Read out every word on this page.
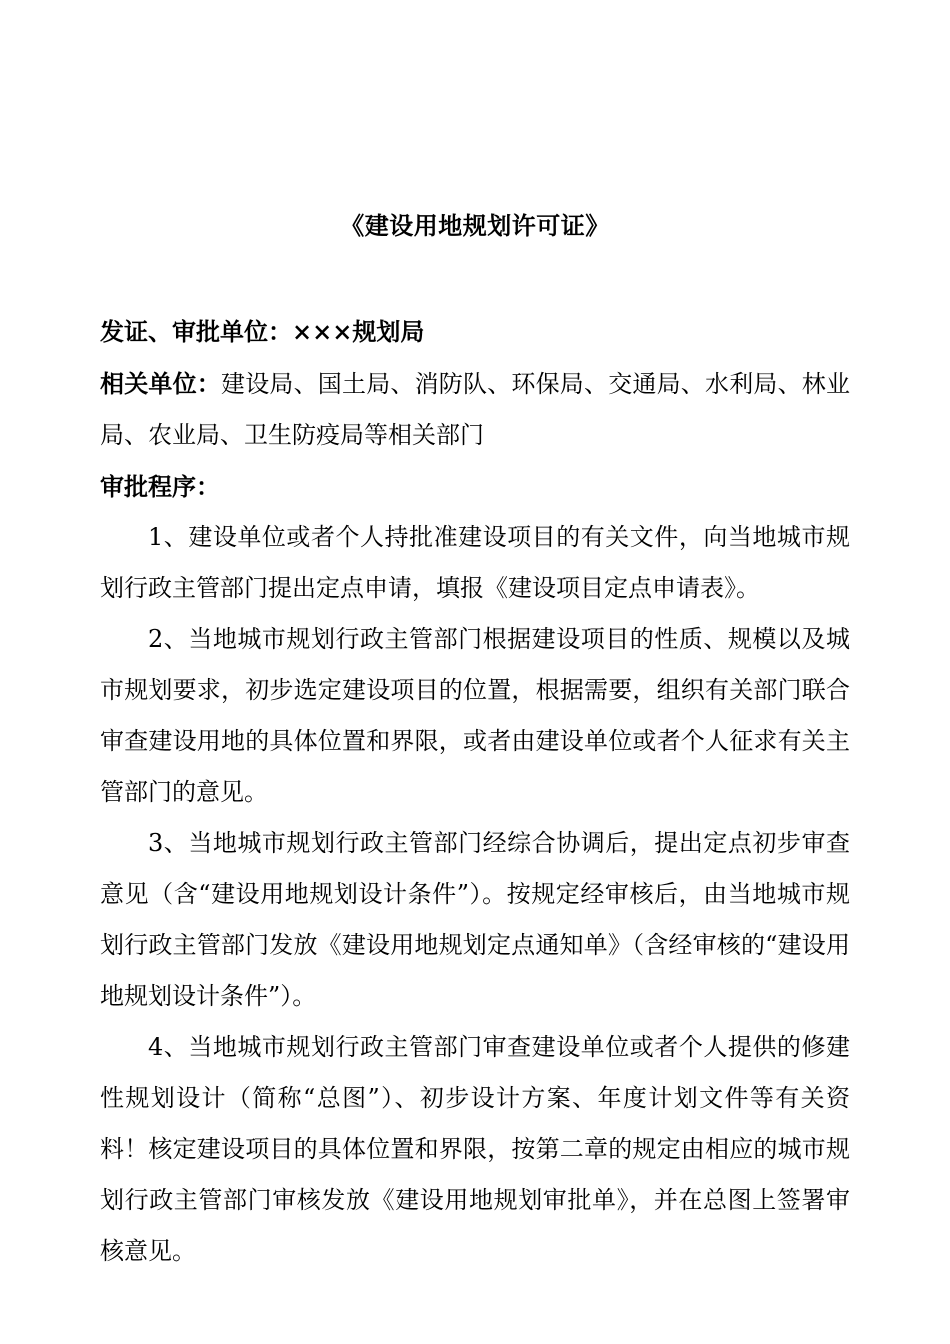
《建设用地规划许可证》

发证、审批单位：×××规划局

相关单位：建设局、国土局、消防队、环保局、交通局、水利局、林业局、农业局、卫生防疫局等相关部门

审批程序：

1、建设单位或者个人持批准建设项目的有关文件，向当地城市规划行政主管部门提出定点申请，填报《建设项目定点申请表》。

2、当地城市规划行政主管部门根据建设项目的性质、规模以及城市规划要求，初步选定建设项目的位置，根据需要，组织有关部门联合审查建设用地的具体位置和界限，或者由建设单位或者个人征求有关主管部门的意见。

3、当地城市规划行政主管部门经综合协调后，提出定点初步审查意见（含“建设用地规划设计条件”）。按规定经审核后，由当地城市规划行政主管部门发放《建设用地规划定点通知单》（含经审核的“建设用地规划设计条件”）。

4、当地城市规划行政主管部门审查建设单位或者个人提供的修建性规划设计（简称“总图”）、初步设计方案、年度计划文件等有关资料！核定建设项目的具体位置和界限，按第二章的规定由相应的城市规划行政主管部门审核发放《建设用地规划审批单》，并在总图上签署审核意见。
